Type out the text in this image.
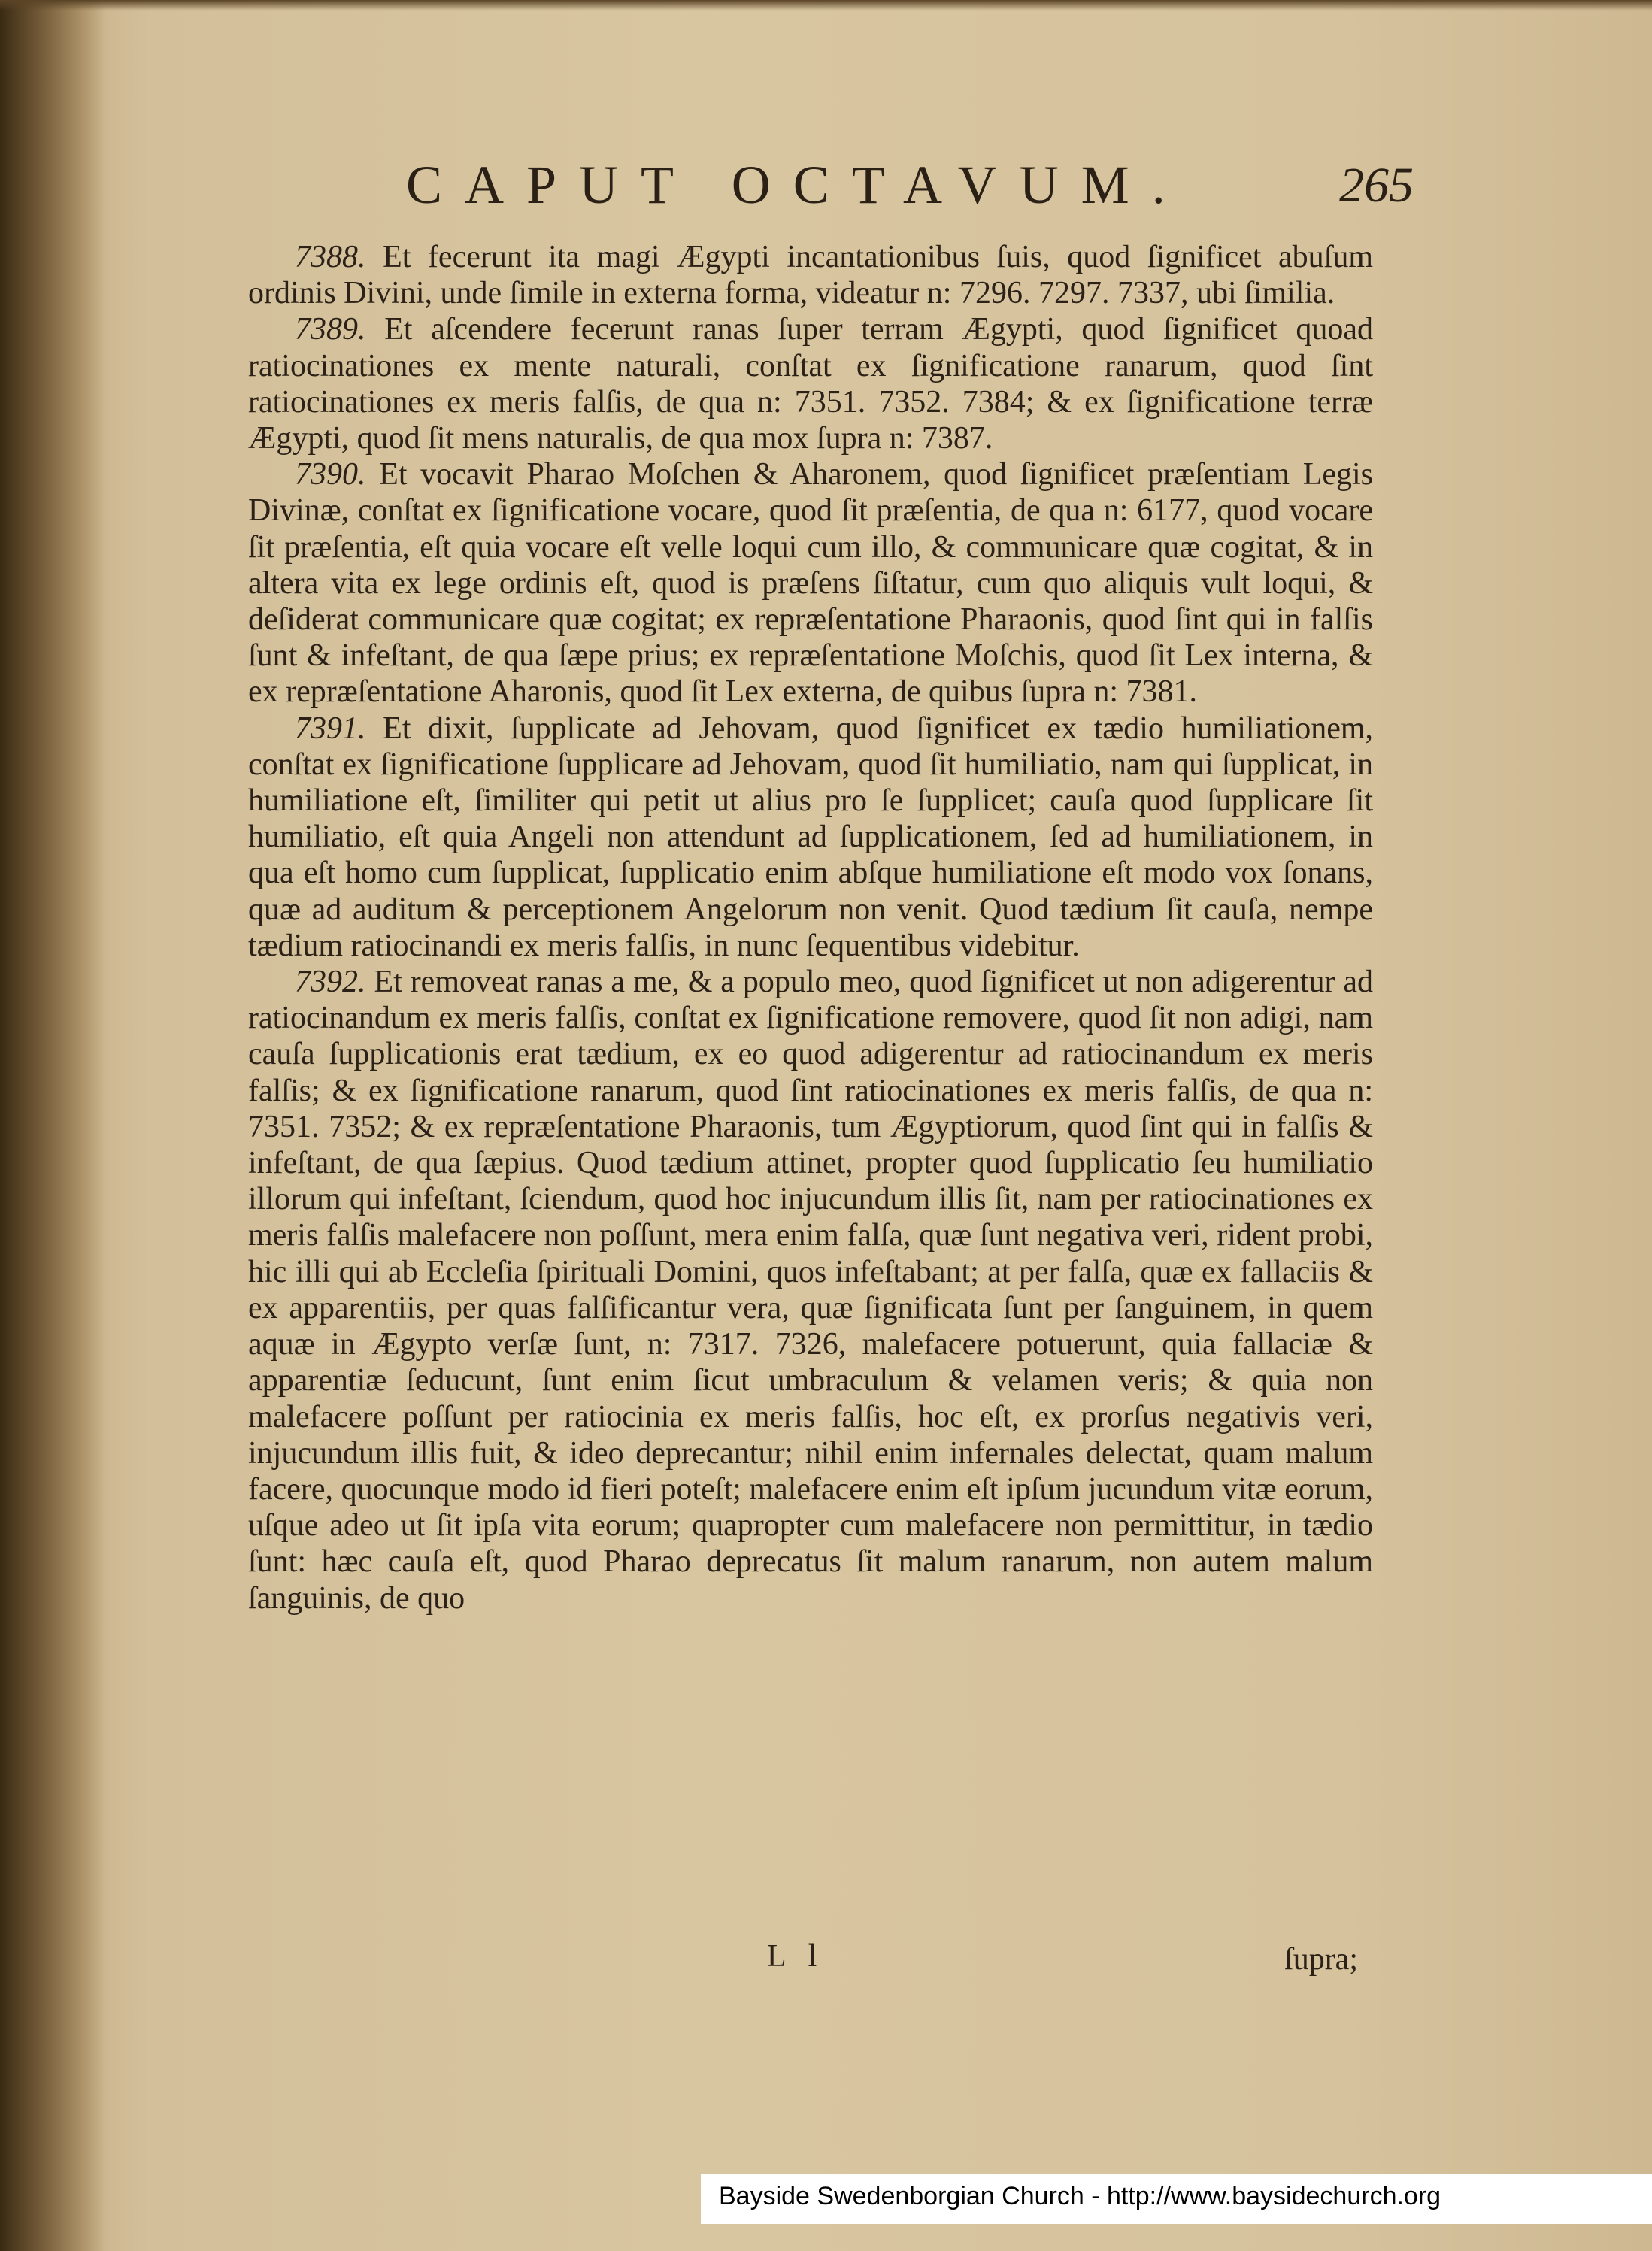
CAPUT OCTAVUM.	265

7388. Et fecerunt ita magi Ægypti incantationibus ſuis, quod ſignificet abuſum ordinis Divini, unde ſimile in externa forma, videatur n: 7296. 7297. 7337, ubi ſimilia.

7389. Et aſcendere fecerunt ranas ſuper terram Ægypti, quod ſignificet quoad ratiocinationes ex mente naturali, conſtat ex ſignificatione ranarum, quod ſint ratiocinationes ex meris falſis, de qua n: 7351. 7352. 7384; & ex ſignificatione terræ Ægypti, quod ſit mens naturalis, de qua mox ſupra n: 7387.

7390. Et vocavit Pharao Moſchen & Aharonem, quod ſignificet præſentiam Legis Divinæ, conſtat ex ſignificatione vocare, quod ſit præſentia, de qua n: 6177, quod vocare ſit præſentia, eſt quia vocare eſt velle loqui cum illo, & communicare quæ cogitat, & in altera vita ex lege ordinis eſt, quod is præſens ſiſtatur, cum quo aliquis vult loqui, & deſiderat communicare quæ cogitat; ex repræſentatione Pharaonis, quod ſint qui in falſis ſunt & infeſtant, de qua ſæpe prius; ex repræſentatione Moſchis, quod ſit Lex interna, & ex repræſentatione Aharonis, quod ſit Lex externa, de quibus ſupra n: 7381.

7391. Et dixit, ſupplicate ad Jehovam, quod ſignificet ex tædio humiliationem, conſtat ex ſignificatione ſupplicare ad Jehovam, quod ſit humiliatio, nam qui ſupplicat, in humiliatione eſt, ſimiliter qui petit ut alius pro ſe ſupplicet; cauſa quod ſupplicare ſit humiliatio, eſt quia Angeli non attendunt ad ſupplicationem, ſed ad humiliationem, in qua eſt homo cum ſupplicat, ſupplicatio enim abſque humiliatione eſt modo vox ſonans, quæ ad auditum & perceptionem Angelorum non venit. Quod tædium ſit cauſa, nempe tædium ratiocinandi ex meris falſis, in nunc ſequentibus videbitur.

7392. Et removeat ranas a me, & a populo meo, quod ſignificet ut non adigerentur ad ratiocinandum ex meris falſis, conſtat ex ſignificatione removere, quod ſit non adigi, nam cauſa ſupplicationis erat tædium, ex eo quod adigerentur ad ratiocinandum ex meris falſis; & ex ſignificatione ranarum, quod ſint ratiocinationes ex meris falſis, de qua n: 7351. 7352; & ex repræſentatione Pharaonis, tum Ægyptiorum, quod ſint qui in falſis & infeſtant, de qua ſæpius. Quod tædium attinet, propter quod ſupplicatio ſeu humiliatio illorum qui infeſtant, ſciendum, quod hoc injucundum illis ſit, nam per ratiocinationes ex meris falſis malefacere non poſſunt, mera enim falſa, quæ ſunt negativa veri, rident probi, hic illi qui ab Eccleſia ſpirituali Domini, quos infeſtabant; at per falſa, quæ ex fallaciis & ex apparentiis, per quas falſificantur vera, quæ ſignificata ſunt per ſanguinem, in quem aquæ in Ægypto verſæ ſunt, n: 7317. 7326, malefacere potuerunt, quia fallaciæ & apparentiæ ſeducunt, ſunt enim ſicut umbraculum & velamen veris; & quia non malefacere poſſunt per ratiocinia ex meris falſis, hoc eſt, ex prorſus negativis veri, injucundum illis fuit, & ideo deprecantur; nihil enim infernales delectat, quam malum facere, quocunque modo id fieri poteſt; malefacere enim eſt ipſum jucundum vitæ eorum, uſque adeo ut ſit ipſa vita eorum; quapropter cum malefacere non permittitur, in tædio ſunt: hæc cauſa eſt, quod Pharao deprecatus ſit malum ranarum, non autem malum ſanguinis, de quo

L l	ſupra;
Bayside Swedenborgian Church - http://www.baysidechurch.org
